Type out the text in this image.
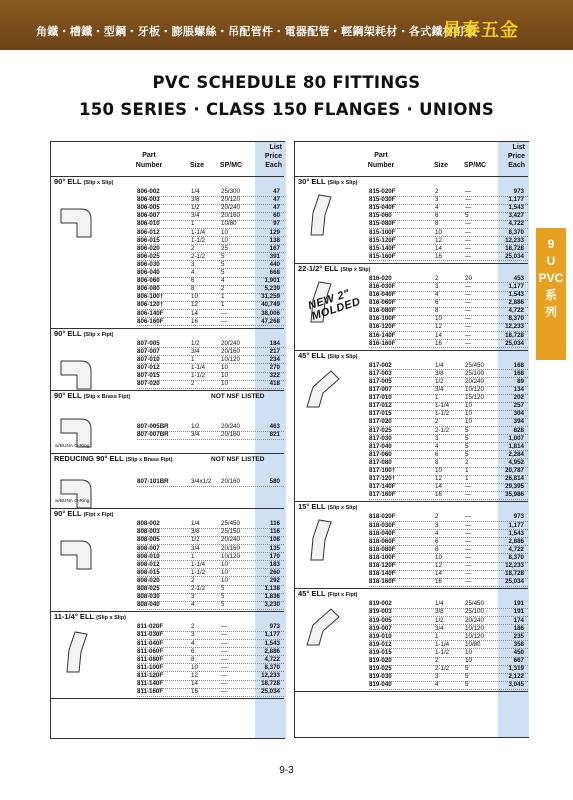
角鐵・槽鐵・型鋼・牙板・膨脹螺絲・吊配管件・電器配管・輕鋼架耗材・各式鐵材訂製
昇泰五金
PVC SCHEDULE 80 FITTINGS
150 SERIES · CLASS 150 FLANGES · UNIONS
9
U
PVC
系
列
Part
Number	Size	SP/MC
List
Price
Each
90° ELL (Slip x Slip)
806-002	1/4	25/300	47
806-003	3/8	20/120	47
806-005	1/2	20/240	47
806-007	3/4	20/160	60
806-010	1	10/80	97
806-012	1-1/4	10	129
806-015	1-1/2	10	138
806-020	2	25	167
806-025	2-1/2	5	391
806-030	3	5	440
806-040	4	5	668
806-060	6	4	1,901
806-080	8	2	5,239
806-100†	10	1	31,259
806-120†	12	1	40,749
806-140F	14	—	38,006
806-160F	16	—	47,268
90° ELL (Slip x Fipt)
807-005	1/2	20/240	184
807-007	3/4	20/160	217
807-010	1	10/120	234
807-012	1-1/4	10	270
807-015	1-1/2	10	322
807-020	2	10	418
90° ELL (Slip x Brass Fipt)	NOT NSF LISTED
w/BUNA O-Ring
807-005BR	1/2	20/240	463
807-007BR	3/4	20/160	821
REDUCING 90° ELL (Slip x Brass Fipt)	NOT NSF LISTED
w/BUNA O-Ring
807-101BR	3/4x1/2 20/160	580
90° ELL (Fipt x Fipt)
808-002	1/4	25/450	116
808-003	3/8	25/150	116
808-005	1/2	20/240	108
808-007	3/4	20/160	135
808-010	1	10/120	170
808-012	1-1/4	10	183
808-015	1-1/2	10	260
808-020	2	10	292
808-025	2-1/2	5	1,138
808-030	3	5	1,836
808-040	4	5	3,230
11-1/4° ELL (Slip x Slip)
811-020F	2	—	973
811-030F	3	—	1,177
811-040F	4	—	1,543
811-060F	6	—	2,886
811-080F	8	—	4,722
811-100F	10	—	8,370
811-120F	12	—	12,233
811-140F	14	—	18,728
811-160F	16	—	25,034
Part
Number	Size	SP/MC
List
Price
Each
30° ELL (Slip x Slip)
815-020F	2	—	973
815-030F	3	—	1,177
815-040F	4	—	1,543
815-060	6	5	3,427
815-080F	8	—	4,722
815-100F	10	—	8,370
815-120F	12	—	12,233
815-140F	14	—	18,728
815-160F	16	—	25,034
22-1/2° ELL (Slip x Slip)
816-020	2	20	453
816-030F	3	—	1,177
816-040F	4	—	1,543
816-060F	6	—	2,886
816-080F	8	—	4,722
816-100F	10	—	8,370
816-120F	12	—	12,233
816-140F	14	—	18,728
816-160F	16	—	25,034
45° ELL (Slip x Slip)
817-002	1/4	25/450	168
817-003	3/8	25/100	168
817-005	1/2	20/240	89
817-007	3/4	10/120	134
817-010	1	15/120	202
817-012	1-1/4	10	257
817-015	1-1/2	10	304
817-020	2	10	394
817-025	2-1/2	5	828
817-030	3	5	1,007
817-040	4	5	1,814
817-060	6	5	2,284
817-080	8	2	4,952
817-100†	10	1	20,787
817-120†	12	1	26,814
817-140F	14	—	29,395
817-160F	16	—	35,986
15° ELL (Slip x Slip)
818-020F	2	—	973
818-030F	3	—	1,177
818-040F	4	—	1,543
818-060F	6	—	2,886
818-080F	8	—	4,722
818-100F	10	—	8,370
818-120F	12	—	12,233
818-140F	14	—	18,728
818-160F	16	—	25,034
45° ELL (Fipt x Fipt)
819-002	1/4	25/450	191
819-003	3/8	25/100	191
819-005	1/2	20/240	174
819-007	3/4	10/120	186
819-010	1	10/120	235
819-012	1-1/4	10/80	358
819-015	1-1/2	10	450
819-020	2	10	667
819-025	2-1/2	5	1,319
819-030	3	5	2,122
819-040	4	5	3,045
NEW 2" MOLDED
9-3
